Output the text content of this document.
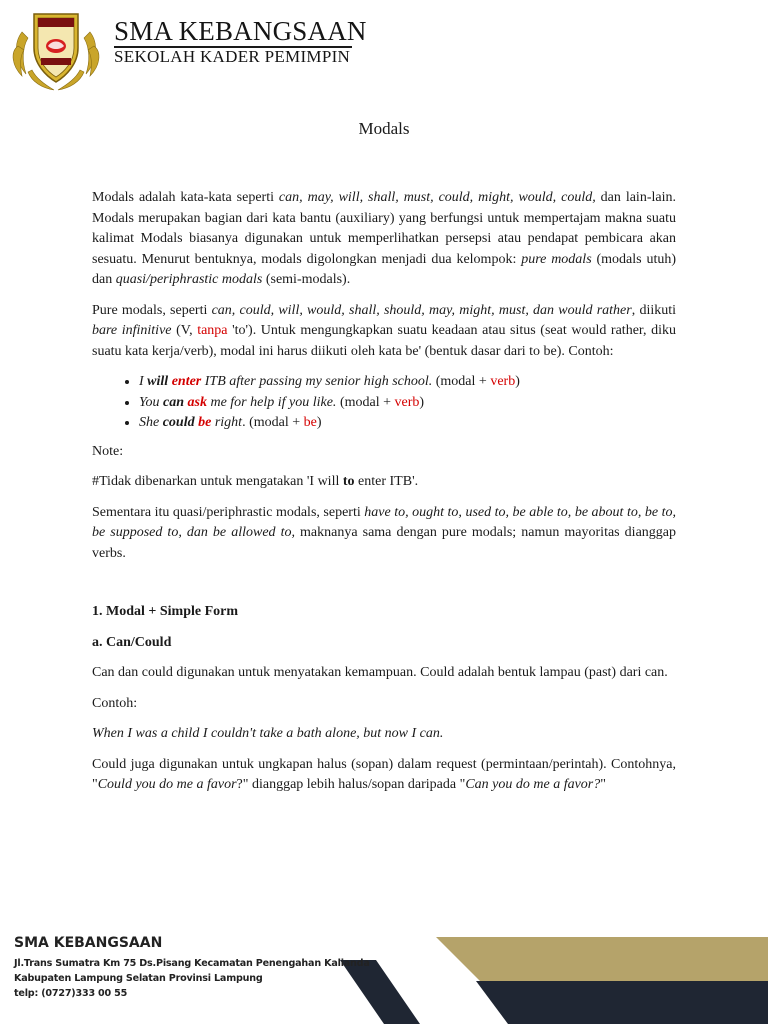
SMA KEBANGSAAN
SEKOLAH KADER PEMIMPIN
Modals

Modals adalah kata-kata seperti can, may, will, shall, must, could, might, would, could, dan lain-lain. Modals merupakan bagian dari kata bantu (auxiliary) yang berfungsi untuk mempertajam makna suatu kalimat Modals biasanya digunakan untuk memperlihatkan persepsi atau pendapat pembicara akan sesuatu. Menurut bentuknya, modals digolongkan menjadi dua kelompok: pure modals (modals utuh) dan quasi/periphrastic modals (semi-modals).

Pure modals, seperti can, could, will, would, shall, should, may, might, must, dan would rather, diikuti bare infinitive (V, tanpa 'to'). Untuk mengungkapkan suatu keadaan atau situs (seat would rather, diku suatu kata kerja/verb), modal ini harus diikuti oleh kata be' (bentuk dasar dari to be). Contoh:

• I will enter ITB after passing my senior high school. (modal + verb)
• You can ask me for help if you like. (modal + verb)
• She could be right. (modal + be)

Note:

#Tidak dibenarkan untuk mengatakan 'I will to enter ITB'.

Sementara itu quasi/periphrastic modals, seperti have to, ought to, used to, be able to, be about to, be to, be supposed to, dan be allowed to, maknanya sama dengan pure modals; namun mayoritas dianggap verbs.

1. Modal + Simple Form

a. Can/Could

Can dan could digunakan untuk menyatakan kemampuan. Could adalah bentuk lampau (past) dari can.

Contoh:

When I was a child I couldn't take a bath alone, but now I can.

Could juga digunakan untuk ungkapan halus (sopan) dalam request (permintaan/perintah). Contohnya, "Could you do me a favor?" dianggap lebih halus/sopan daripada "Can you do me a favor?"

SMA KEBANGSAAN
Jl.Trans Sumatra Km 75 Ds.Pisang Kecamatan Penengahan Kalianda
Kabupaten Lampung Selatan Provinsi Lampung
telp: (0727)333 00 55
